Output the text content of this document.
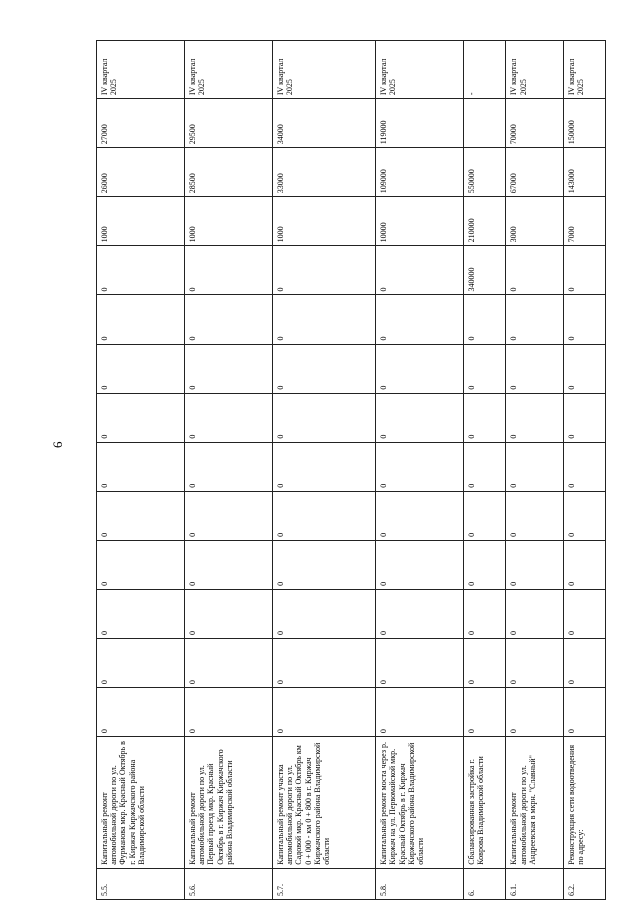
6
5.5.	Капитальный ремонт автомобильной дороги по ул. Фурманова мкр. Красный Октябрь в г. Киржач Киржачского района Владимирской области	0	0	0	0	0	0	0	0	0	0	1000	26000	27000	IV квартал 2025
5.6.	Капитальный ремонт автомобильной дороги по ул. Первый проезд мкр. Красный Октябрь в г. Киржач Киржачского района Владимирской области	0	0	0	0	0	0	0	0	0	0	1000	28500	29500	IV квартал 2025
5.7.	Капитальный ремонт участка автомобильной дороги по ул. Садовой мкр. Красный Октябрь км 0 + 000 - км 0 + 800 в г. Киржач Киржачского района Владимирской области	0	0	0	0	0	0	0	0	0	0	1000	33000	34000	IV квартал 2025
5.8.	Капитальный ремонт моста через р. Киржач на ул. Первомайской мкр. Красный Октябрь в г. Киржач Киржачского района Владимирской области	0	0	0	0	0	0	0	0	0	0	10000	109000	119000	IV квартал 2025
6.	Сбалансированная застройка г. Коврова Владимирской области	0	0	0	0	0	0	0	0	0	340000	210000	550000		-
6.1.	Капитальный ремонт автомобильной дороги по ул. Андреевская в мкрн. "Славный"	0	0	0	0	0	0	0	0	0	0	3000	67000	70000	IV квартал 2025
6.2.	Реконструкция сети водоотведения по адресу:	0	0	0	0	0	0	0	0	0	0	7000	143000	150000	IV квартал 2025
